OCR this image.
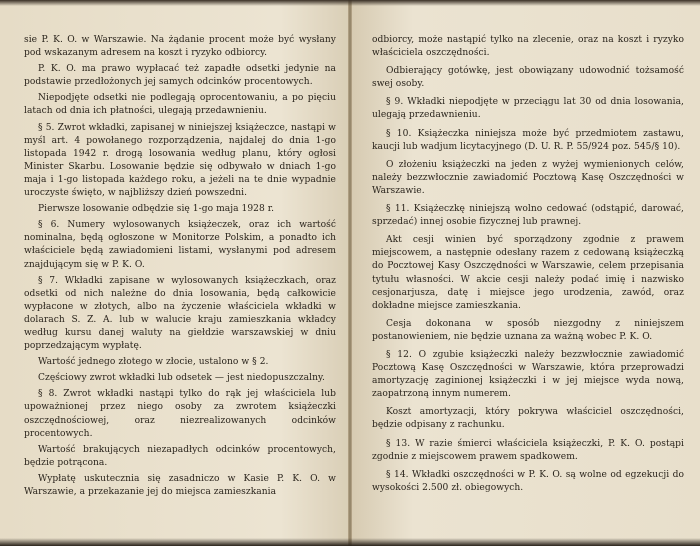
sie P. K. O. w Warszawie. Na żądanie procent może być wysłany pod wskazanym adresem na koszt i ryzyko odbiorcy.

P. K. O. ma prawo wypłacać też zapadłe odsetki jedynie na podstawie przedłożonych jej samych odcinków procentowych.

Niepodjęte odsetki nie podlegają oprocentowaniu, a po pięciu latach od dnia ich płatności, ulegają przedawnieniu.

§ 5. Zwrot wkładki, zapisanej w niniejszej książeczce, nastąpi w myśl art. 4 powołanego rozporządzenia, najdalej do dnia 1-go listopada 1942 r. drogą losowania według planu, który ogłosi Minister Skarbu. Losowanie będzie się odbywało w dniach 1-go maja i 1-go listopada każdego roku, a jeżeli na te dnie wypadnie uroczyste święto, w najbliższy dzień powszedni.

Pierwsze losowanie odbędzie się 1-go maja 1928 r.

§ 6. Numery wylosowanych książeczek, oraz ich wartość nominalna, będą ogłoszone w Monitorze Polskim, a ponadto ich właściciele będą zawiadomieni listami, wysłanymi pod adresem znajdującym się w P. K. O.

§ 7. Wkładki zapisane w wylosowanych książeczkach, oraz odsetki od nich należne do dnia losowania, będą całkowicie wypłacone w złotych, albo na życzenie właściciela wkładki w dolarach S. Z. A. lub w walucie kraju zamieszkania wkładcy według kursu danej waluty na giełdzie warszawskiej w dniu poprzedzającym wypłatę.

Wartość jednego złotego w złocie, ustalono w § 2.

Częściowy zwrot wkładki lub odsetek — jest niedopuszczalny.

§ 8. Zwrot wkładki nastąpi tylko do rąk jej właściciela lub upoważnionej przez niego osoby za zwrotem książeczki oszczędnościowej, oraz niezrealizowanych odcinków procentowych.

Wartość brakujących niezapadłych odcinków procentowych, będzie potrącona.

Wypłatę uskutecznia się zasadniczo w Kasie P. K. O. w Warszawie, a przekazanie jej do miejsca zamieszkania

odbiorcy, może nastąpić tylko na zlecenie, oraz na koszt i ryzyko właściciela oszczędności.

Odbierający gotówkę, jest obowiązany udowodnić tożsamość swej osoby.

§ 9. Wkładki niepodjęte w przeciągu lat 30 od dnia losowania, ulegają przedawnieniu.

§ 10. Książeczka niniejsza może być przedmiotem zastawu, kaucji lub wadjum licytacyjnego (D. U. R. P. 55/924 poz. 545/§ 10).

O złożeniu książeczki na jeden z wyżej wymienionych celów, należy bezzwłocznie zawiadomić Pocztową Kasę Oszczędności w Warszawie.

§ 11. Książeczkę niniejszą wolno cedować (odstąpić, darować, sprzedać) innej osobie fizycznej lub prawnej.

Akt cesji winien być sporządzony zgodnie z prawem miejscowem, a następnie odesłany razem z cedowaną książeczką do Pocztowej Kasy Oszczędności w Warszawie, celem przepisania tytułu własności. W akcie cesji należy podać imię i nazwisko cesjonarjusza, datę i miejsce jego urodzenia, zawód, oraz dokładne miejsce zamieszkania.

Cesja dokonana w sposób niezgodny z niniejszem postanowieniem, nie będzie uznana za ważną wobec P. K. O.

§ 12. O zgubie książeczki należy bezzwłocznie zawiadomić Pocztową Kasę Oszczędności w Warszawie, która przeprowadzi amortyzację zaginionej książeczki i w jej miejsce wyda nową, zaopatrzoną innym numerem.

Koszt amortyzacji, który pokrywa właściciel oszczędności, będzie odpisany z rachunku.

§ 13. W razie śmierci właściciela książeczki, P. K. O. postąpi zgodnie z miejscowem prawem spadkowem.

§ 14. Wkładki oszczędności w P. K. O. są wolne od egzekucji do wysokości 2.500 zł. obiegowych.
